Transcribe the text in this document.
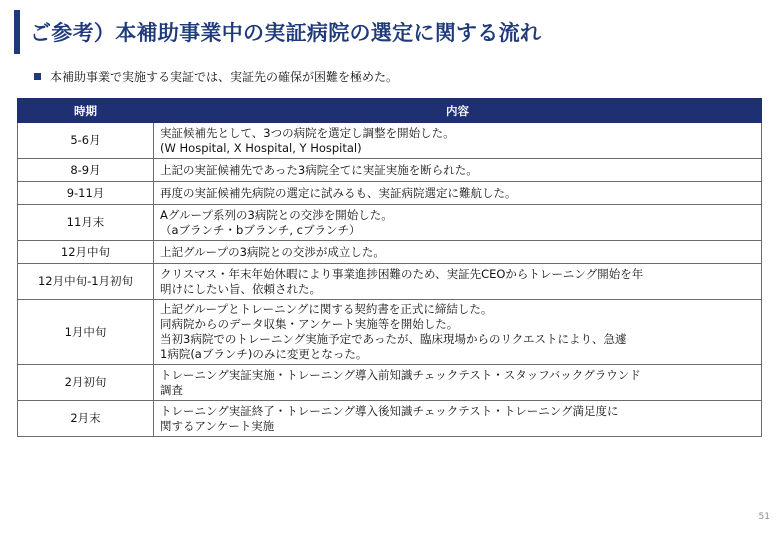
ご参考）本補助事業中の実証病院の選定に関する流れ
本補助事業で実施する実証では、実証先の確保が困難を極めた。
時期	内容
5-6月	実証候補先として、3つの病院を選定し調整を開始した。
(W Hospital, X Hospital, Y Hospital)

8-9月	上記の実証候補先であった3病院全てに実証実施を断られた。

9-11月	再度の実証候補先病院の選定に試みるも、実証病院選定に難航した。

11月末	Aグループ系列の3病院との交渉を開始した。
（aブランチ・bブランチ, cブランチ）

12月中旬	上記グループの3病院との交渉が成立した。

12月中旬-1月初旬	クリスマス・年末年始休暇により事業進捗困難のため、実証先CEOからトレーニング開始を年
明けにしたい旨、依頼された。

1月中旬	上記グループとトレーニングに関する契約書を正式に締結した。
同病院からのデータ収集・アンケート実施等を開始した。
当初3病院でのトレーニング実施予定であったが、臨床現場からのリクエストにより、急遽
1病院(aブランチ)のみに変更となった。

2月初旬	トレーニング実証実施・トレーニング導入前知識チェックテスト・スタッフバックグラウンド
調査

2月末	トレーニング実証終了・トレーニング導入後知識チェックテスト・トレーニング満足度に
関するアンケート実施
51
